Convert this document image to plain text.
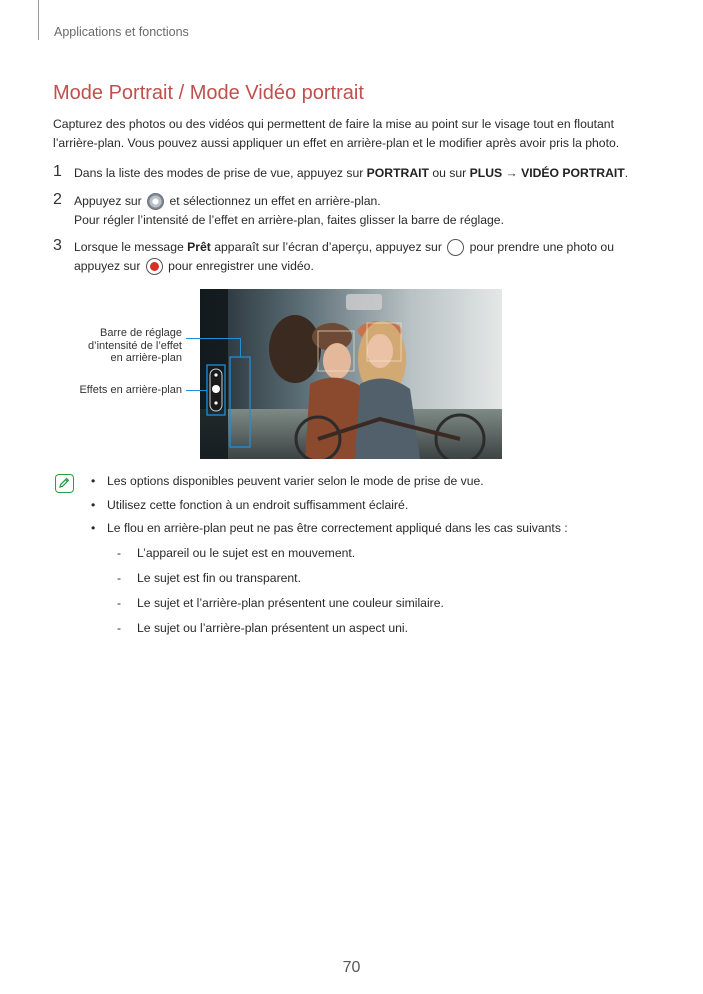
Applications et fonctions
Mode Portrait / Mode Vidéo portrait

Capturez des photos ou des vidéos qui permettent de faire la mise au point sur le visage tout en floutant l’arrière-plan. Vous pouvez aussi appliquer un effet en arrière-plan et le modifier après avoir pris la photo.

1 Dans la liste des modes de prise de vue, appuyez sur PORTRAIT ou sur PLUS → VIDÉO PORTRAIT.
2 Appuyez sur  et sélectionnez un effet en arrière-plan.
Pour régler l’intensité de l’effet en arrière-plan, faites glisser la barre de réglage.
3 Lorsque le message Prêt apparaît sur l’écran d’aperçu, appuyez sur  pour prendre une photo ou
appuyez sur  pour enregistrer une vidéo.
Barre de réglage
d’intensité de l’effet
en arrière-plan
Effets en arrière-plan
• Les options disponibles peuvent varier selon le mode de prise de vue.
• Utilisez cette fonction à un endroit suffisamment éclairé.
• Le flou en arrière-plan peut ne pas être correctement appliqué dans les cas suivants :
- L’appareil ou le sujet est en mouvement.
- Le sujet est fin ou transparent.
- Le sujet et l’arrière-plan présentent une couleur similaire.
- Le sujet ou l’arrière-plan présentent un aspect uni.
70
